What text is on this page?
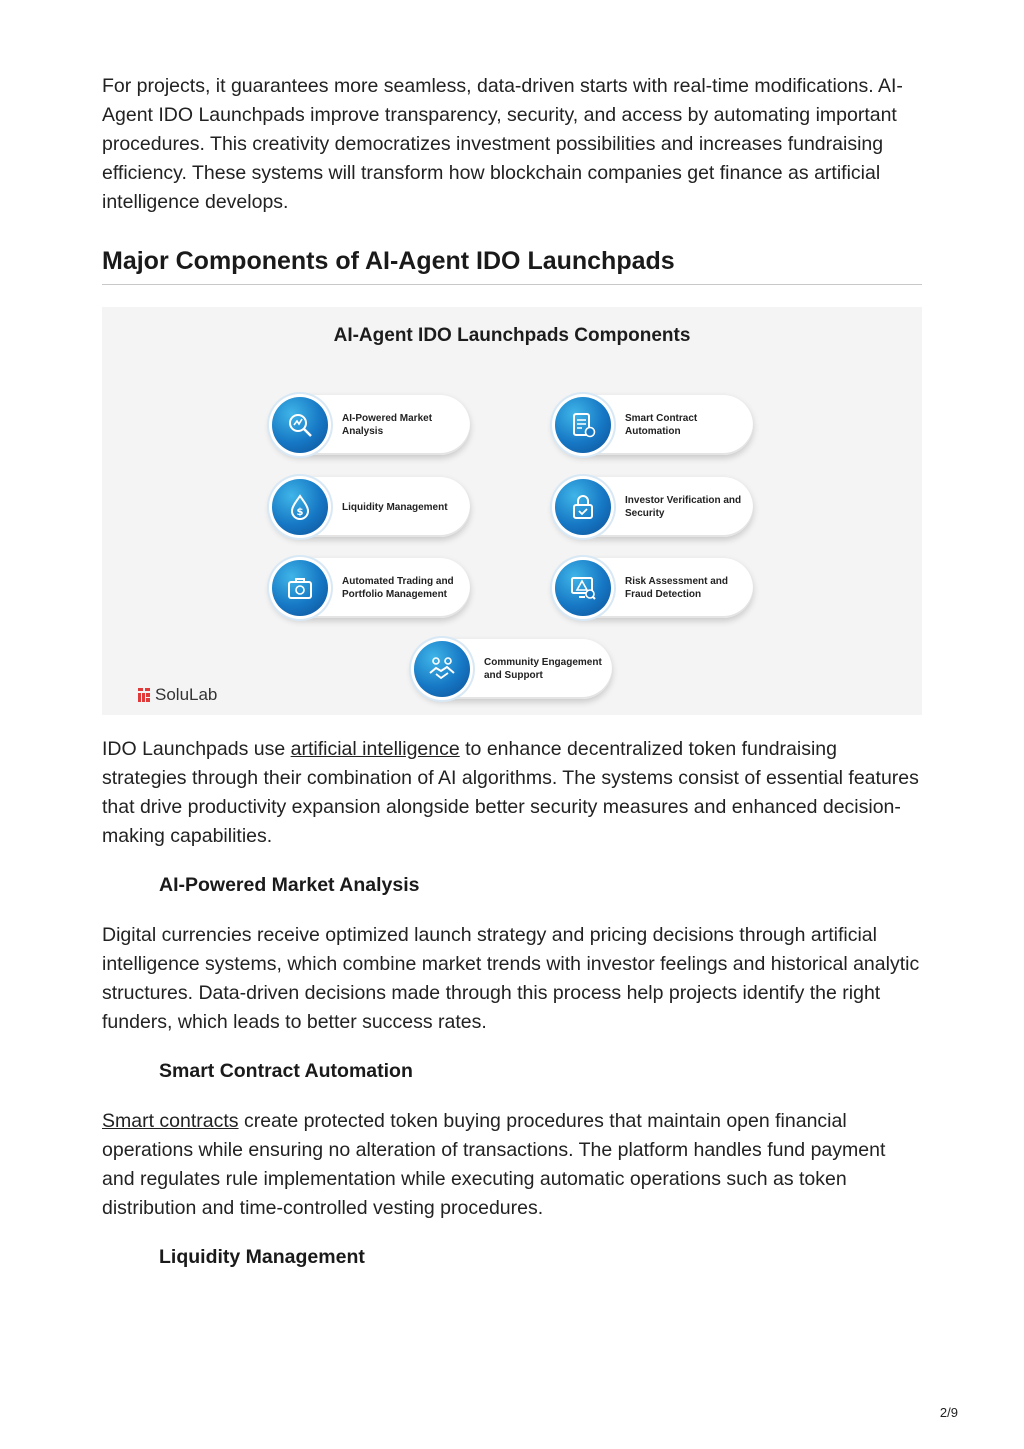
For projects, it guarantees more seamless, data-driven starts with real-time modifications. AI-Agent IDO Launchpads improve transparency, security, and access by automating important procedures. This creativity democratizes investment possibilities and increases fundraising efficiency. These systems will transform how blockchain companies get finance as artificial intelligence develops.

Major Components of AI-Agent IDO Launchpads
AI-Agent IDO Launchpads Components
AI-Powered Market Analysis
Smart Contract Automation
$	Liquidity Management
Investor Verification and Security
Automated Trading and Portfolio Management
Risk Assessment and Fraud Detection
Community Engagement and Support
SoluLab

IDO Launchpads use artificial intelligence to enhance decentralized token fundraising strategies through their combination of AI algorithms. The systems consist of essential features that drive productivity expansion alongside better security measures and enhanced decision-making capabilities.

AI-Powered Market Analysis

Digital currencies receive optimized launch strategy and pricing decisions through artificial intelligence systems, which combine market trends with investor feelings and historical analytic structures. Data-driven decisions made through this process help projects identify the right funders, which leads to better success rates.

Smart Contract Automation

Smart contracts create protected token buying procedures that maintain open financial operations while ensuring no alteration of transactions. The platform handles fund payment and regulates rule implementation while executing automatic operations such as token distribution and time-controlled vesting procedures.

Liquidity Management
2/9
